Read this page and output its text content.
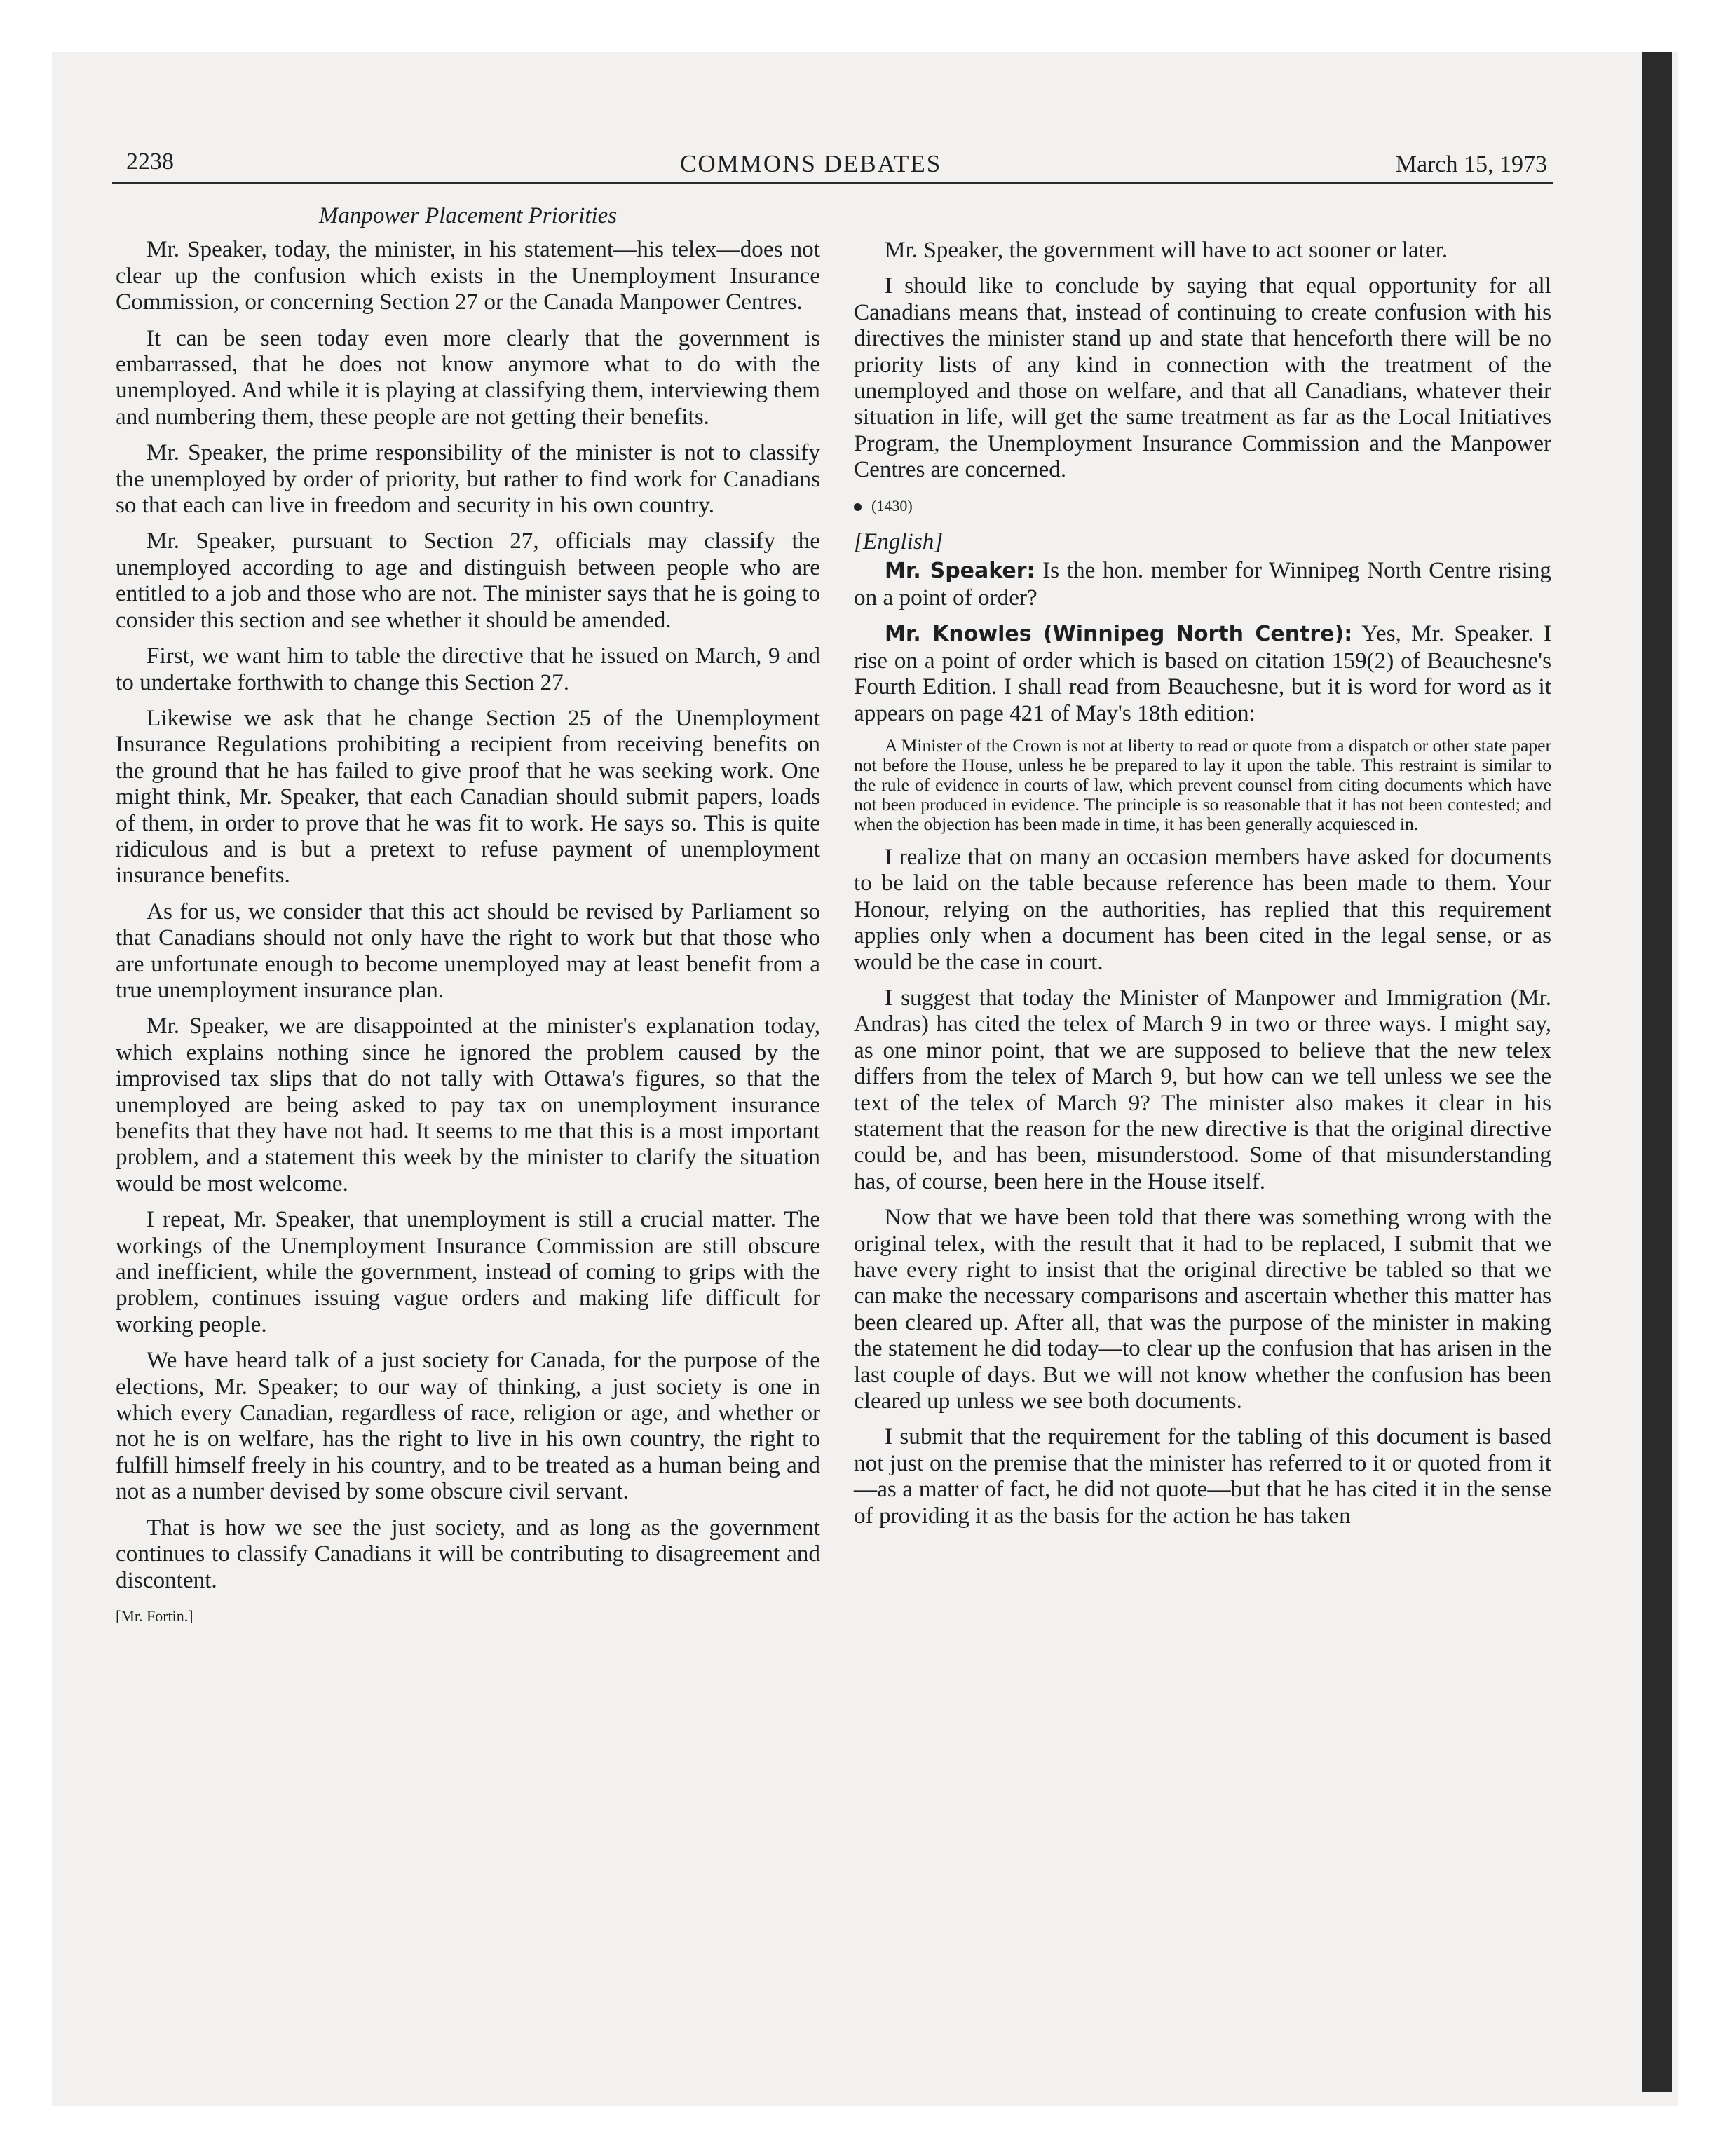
2238	COMMONS DEBATES	March 15, 1973
Manpower Placement Priorities

Mr. Speaker, today, the minister, in his statement—his telex—does not clear up the confusion which exists in the Unemployment Insurance Commission, or concerning Section 27 or the Canada Manpower Centres.

It can be seen today even more clearly that the government is embarrassed, that he does not know anymore what to do with the unemployed. And while it is playing at classifying them, interviewing them and numbering them, these people are not getting their benefits.

Mr. Speaker, the prime responsibility of the minister is not to classify the unemployed by order of priority, but rather to find work for Canadians so that each can live in freedom and security in his own country.

Mr. Speaker, pursuant to Section 27, officials may classify the unemployed according to age and distinguish between people who are entitled to a job and those who are not. The minister says that he is going to consider this section and see whether it should be amended.

First, we want him to table the directive that he issued on March, 9 and to undertake forthwith to change this Section 27.

Likewise we ask that he change Section 25 of the Unemployment Insurance Regulations prohibiting a recipient from receiving benefits on the ground that he has failed to give proof that he was seeking work. One might think, Mr. Speaker, that each Canadian should submit papers, loads of them, in order to prove that he was fit to work. He says so. This is quite ridiculous and is but a pretext to refuse payment of unemployment insurance benefits.

As for us, we consider that this act should be revised by Parliament so that Canadians should not only have the right to work but that those who are unfortunate enough to become unemployed may at least benefit from a true unemployment insurance plan.

Mr. Speaker, we are disappointed at the minister's explanation today, which explains nothing since he ignored the problem caused by the improvised tax slips that do not tally with Ottawa's figures, so that the unemployed are being asked to pay tax on unemployment insurance benefits that they have not had. It seems to me that this is a most important problem, and a statement this week by the minister to clarify the situation would be most welcome.

I repeat, Mr. Speaker, that unemployment is still a crucial matter. The workings of the Unemployment Insurance Commission are still obscure and inefficient, while the government, instead of coming to grips with the problem, continues issuing vague orders and making life difficult for working people.

We have heard talk of a just society for Canada, for the purpose of the elections, Mr. Speaker; to our way of thinking, a just society is one in which every Canadian, regardless of race, religion or age, and whether or not he is on welfare, has the right to live in his own country, the right to fulfill himself freely in his country, and to be treated as a human being and not as a number devised by some obscure civil servant.

That is how we see the just society, and as long as the government continues to classify Canadians it will be contributing to disagreement and discontent.

[Mr. Fortin.]

Mr. Speaker, the government will have to act sooner or later.

I should like to conclude by saying that equal opportunity for all Canadians means that, instead of continuing to create confusion with his directives the minister stand up and state that henceforth there will be no priority lists of any kind in connection with the treatment of the unemployed and those on welfare, and that all Canadians, whatever their situation in life, will get the same treatment as far as the Local Initiatives Program, the Unemployment Insurance Commission and the Manpower Centres are concerned.

(1430)

[English]

Mr. Speaker: Is the hon. member for Winnipeg North Centre rising on a point of order?

Mr. Knowles (Winnipeg North Centre): Yes, Mr. Speaker. I rise on a point of order which is based on citation 159(2) of Beauchesne's Fourth Edition. I shall read from Beauchesne, but it is word for word as it appears on page 421 of May's 18th edition:

A Minister of the Crown is not at liberty to read or quote from a dispatch or other state paper not before the House, unless he be prepared to lay it upon the table. This restraint is similar to the rule of evidence in courts of law, which prevent counsel from citing documents which have not been produced in evidence. The principle is so reasonable that it has not been contested; and when the objection has been made in time, it has been generally acquiesced in.

I realize that on many an occasion members have asked for documents to be laid on the table because reference has been made to them. Your Honour, relying on the authorities, has replied that this requirement applies only when a document has been cited in the legal sense, or as would be the case in court.

I suggest that today the Minister of Manpower and Immigration (Mr. Andras) has cited the telex of March 9 in two or three ways. I might say, as one minor point, that we are supposed to believe that the new telex differs from the telex of March 9, but how can we tell unless we see the text of the telex of March 9? The minister also makes it clear in his statement that the reason for the new directive is that the original directive could be, and has been, misunderstood. Some of that misunderstanding has, of course, been here in the House itself.

Now that we have been told that there was something wrong with the original telex, with the result that it had to be replaced, I submit that we have every right to insist that the original directive be tabled so that we can make the necessary comparisons and ascertain whether this matter has been cleared up. After all, that was the purpose of the minister in making the statement he did today—to clear up the confusion that has arisen in the last couple of days. But we will not know whether the confusion has been cleared up unless we see both documents.

I submit that the requirement for the tabling of this document is based not just on the premise that the minister has referred to it or quoted from it—as a matter of fact, he did not quote—but that he has cited it in the sense of providing it as the basis for the action he has taken
